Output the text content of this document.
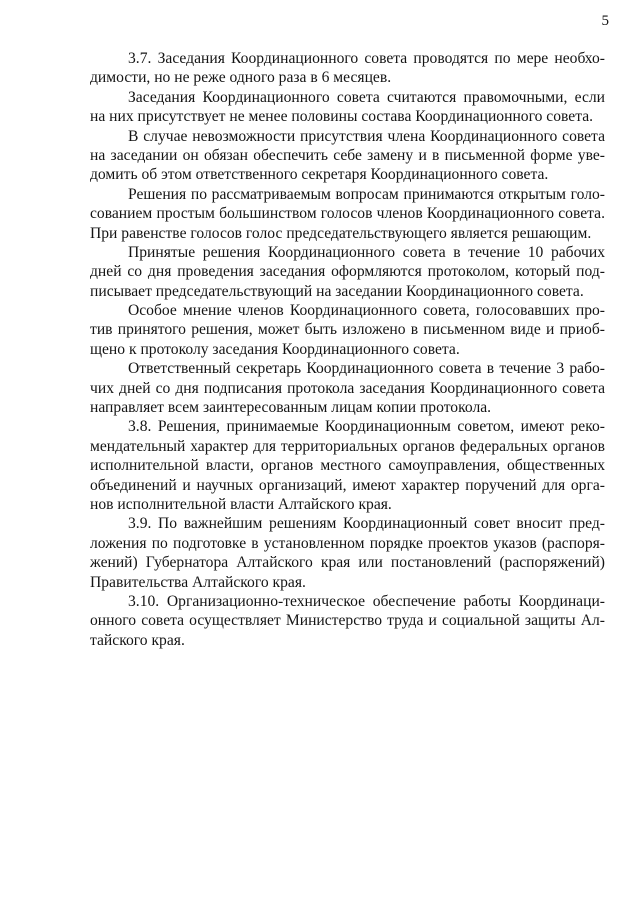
5
3.7. Заседания Координационного совета проводятся по мере необхо-
димости, но не реже одного раза в 6 месяцев.
Заседания Координационного совета считаются правомочными, если
на них присутствует не менее половины состава Координационного совета.
В случае невозможности присутствия члена Координационного совета
на заседании он обязан обеспечить себе замену и в письменной форме уве-
домить об этом ответственного секретаря Координационного совета.
Решения по рассматриваемым вопросам принимаются открытым голо-
сованием простым большинством голосов членов Координационного совета.
При равенстве голосов голос председательствующего является решающим.
Принятые решения Координационного совета в течение 10 рабочих
дней со дня проведения заседания оформляются протоколом, который под-
писывает председательствующий на заседании Координационного совета.
Особое мнение членов Координационного совета, голосовавших про-
тив принятого решения, может быть изложено в письменном виде и приоб-
щено к протоколу заседания Координационного совета.
Ответственный секретарь Координационного совета в течение 3 рабо-
чих дней со дня подписания протокола заседания Координационного совета
направляет всем заинтересованным лицам копии протокола.
3.8. Решения, принимаемые Координационным советом, имеют реко-
мендательный характер для территориальных органов федеральных органов
исполнительной власти, органов местного самоуправления, общественных
объединений и научных организаций, имеют характер поручений для орга-
нов исполнительной власти Алтайского края.
3.9. По важнейшим решениям Координационный совет вносит пред-
ложения по подготовке в установленном порядке проектов указов (распоря-
жений) Губернатора Алтайского края или постановлений (распоряжений)
Правительства Алтайского края.
3.10. Организационно-техническое обеспечение работы Координаци-
онного совета осуществляет Министерство труда и социальной защиты Ал-
тайского края.
